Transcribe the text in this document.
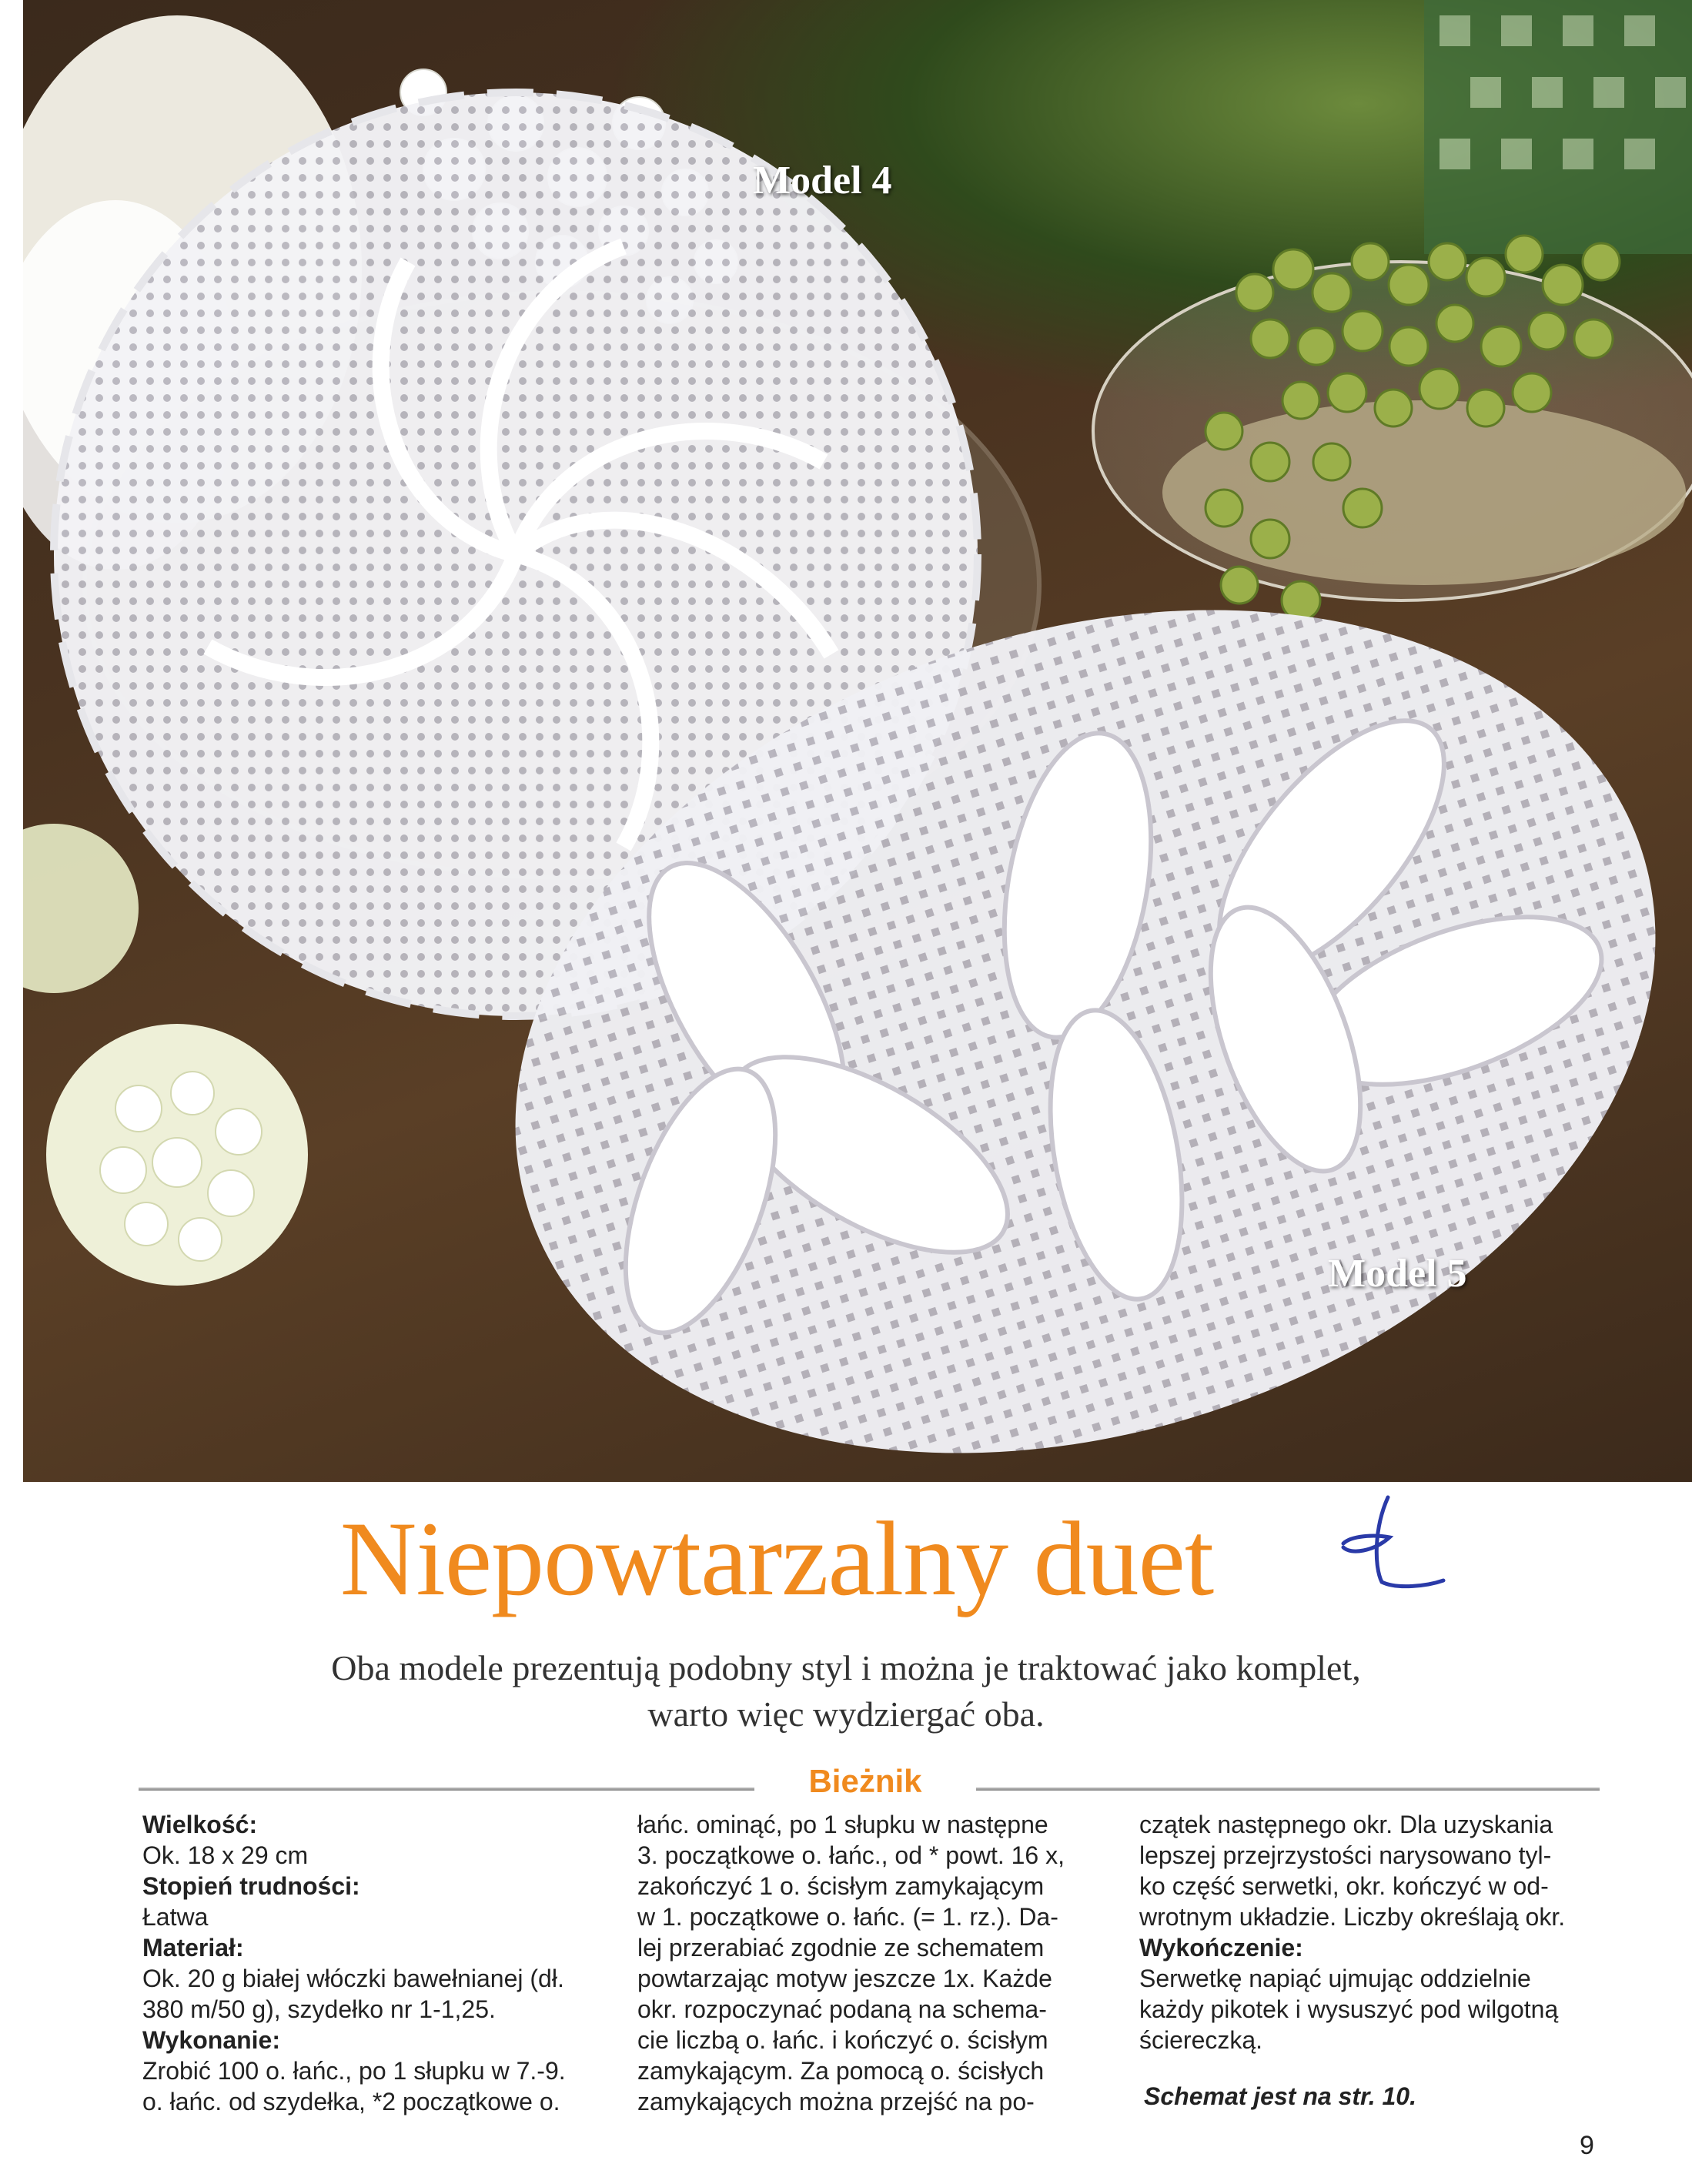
Model 4
Model 5
Niepowtarzalny duet
Oba modele prezentują podobny styl i można je traktować jako komplet,
warto więc wydziergać oba.
Bieżnik

Wielkość:

Ok. 18 x 29 cm

Stopień trudności:

Łatwa

Materiał:

Ok. 20 g białej włóczki bawełnianej (dł.

380 m/50 g), szydełko nr 1-1,25.

Wykonanie:

Zrobić 100 o. łańc., po 1 słupku w 7.-9.

o. łańc. od szydełka, *2 początkowe o.

łańc. ominąć, po 1 słupku w następne

3. początkowe o. łańc., od * powt. 16 x,

zakończyć 1 o. ścisłym zamykającym

w 1. początkowe o. łańc. (= 1. rz.). Da-

lej przerabiać zgodnie ze schematem

powtarzając motyw jeszcze 1x. Każde

okr. rozpoczynać podaną na schema-

cie liczbą o. łańc. i kończyć o. ścisłym

zamykającym. Za pomocą o. ścisłych

zamykających można przejść na po-

czątek następnego okr. Dla uzyskania

lepszej przejrzystości narysowano tyl-

ko część serwetki, okr. kończyć w od-

wrotnym układzie. Liczby określają okr.

Wykończenie:

Serwetkę napiąć ujmując oddzielnie

każdy pikotek i wysuszyć pod wilgotną

ściereczką.

Schemat jest na str. 10.
9
